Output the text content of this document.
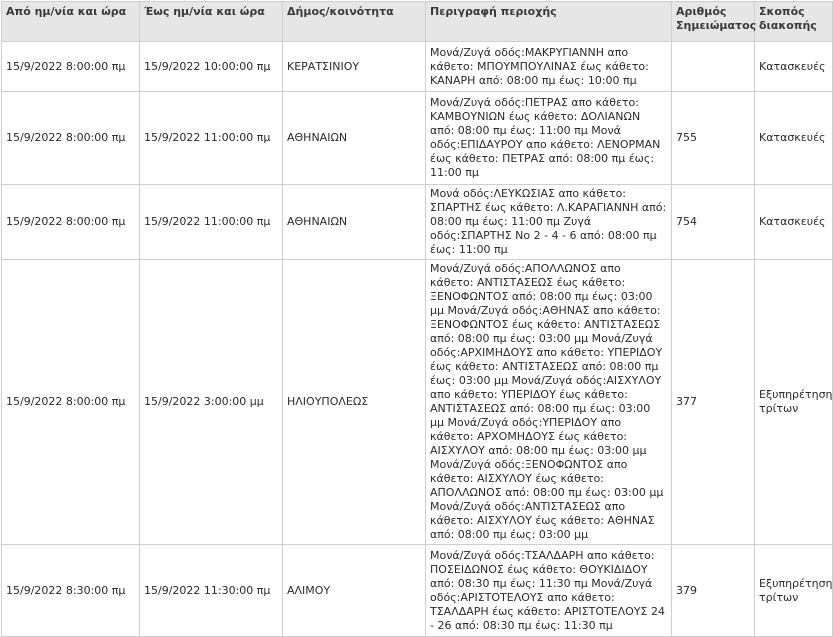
Από ημ/νία και ώρα	Έως ημ/νία και ώρα	Δήμος/κοινότητα	Περιγραφή περιοχής	Αριθμός Σημειώματος	Σκοπός διακοπής
15/9/2022 8:00:00 πμ	15/9/2022 10:00:00 πμ	ΚΕΡΑΤΣΙΝΙΟΥ	Μονά/Ζυγά οδός:ΜΑΚΡΥΓΙΑΝΝΗ απο κάθετο: ΜΠΟΥΜΠΟΥΛΙΝΑΣ έως κάθετο: ΚΑΝΑΡΗ από: 08:00 πμ έως: 10:00 πμ		Κατασκευές
15/9/2022 8:00:00 πμ	15/9/2022 11:00:00 πμ	ΑΘΗΝΑΙΩΝ	Μονά/Ζυγά οδός:ΠΕΤΡΑΣ απο κάθετο: ΚΑΜΒΟΥΝΙΩΝ έως κάθετο: ΔΟΛΙΑΝΩΝ από: 08:00 πμ έως: 11:00 πμ Μονά οδός:ΕΠΙΔΑΥΡΟΥ απο κάθετο: ΛΕΝΟΡΜΑΝ έως κάθετο: ΠΕΤΡΑΣ από: 08:00 πμ έως: 11:00 πμ	755	Κατασκευές
15/9/2022 8:00:00 πμ	15/9/2022 11:00:00 πμ	ΑΘΗΝΑΙΩΝ	Μονά οδός:ΛΕΥΚΩΣΙΑΣ απο κάθετο: ΣΠΑΡΤΗΣ έως κάθετο: Λ.ΚΑΡΑΓΙΑΝΝΗ από: 08:00 πμ έως: 11:00 πμ Ζυγά οδός:ΣΠΑΡΤΗΣ Νο 2 - 4 - 6 από: 08:00 πμ έως: 11:00 πμ	754	Κατασκευές
15/9/2022 8:00:00 πμ	15/9/2022 3:00:00 μμ	ΗΛΙΟΥΠΟΛΕΩΣ	Μονά/Ζυγά οδός:ΑΠΟΛΛΩΝΟΣ απο κάθετο: ΑΝΤΙΣΤΑΣΕΩΣ έως κάθετο: ΞΕΝΟΦΩΝΤΟΣ από: 08:00 πμ έως: 03:00 μμ Μονά/Ζυγά οδός:ΑΘΗΝΑΣ απο κάθετο: ΞΕΝΟΦΩΝΤΟΣ έως κάθετο: ΑΝΤΙΣΤΑΣΕΩΣ από: 08:00 πμ έως: 03:00 μμ Μονά/Ζυγά οδός:ΑΡΧΙΜΗΔΟΥΣ απο κάθετο: ΥΠΕΡΙΔΟΥ έως κάθετο: ΑΝΤΙΣΤΑΣΕΩΣ από: 08:00 πμ έως: 03:00 μμ Μονά/Ζυγά οδός:ΑΙΣΧΥΛΟΥ απο κάθετο: ΥΠΕΡΙΔΟΥ έως κάθετο: ΑΝΤΙΣΤΑΣΕΩΣ από: 08:00 πμ έως: 03:00 μμ Μονά/Ζυγά οδός:ΥΠΕΡΙΔΟΥ απο κάθετο: ΑΡΧΟΜΗΔΟΥΣ έως κάθετο: ΑΙΣΧΥΛΟΥ από: 08:00 πμ έως: 03:00 μμ Μονά/Ζυγά οδός:ΞΕΝΟΦΩΝΤΟΣ απο κάθετο: ΑΙΣΧΥΛΟΥ έως κάθετο: ΑΠΟΛΛΩΝΟΣ από: 08:00 πμ έως: 03:00 μμ Μονά/Ζυγά οδός:ΑΝΤΙΣΤΑΣΕΩΣ απο κάθετο: ΑΙΣΧΥΛΟΥ έως κάθετο: ΑΘΗΝΑΣ από: 08:00 πμ έως: 03:00 μμ	377	Εξυπηρέτηση τρίτων
15/9/2022 8:30:00 πμ	15/9/2022 11:30:00 πμ	ΑΛΙΜΟΥ	Μονά/Ζυγά οδός:ΤΣΑΛΔΑΡΗ απο κάθετο: ΠΟΣΕΙΔΩΝΟΣ έως κάθετο: ΘΟΥΚΙΔΙΔΟΥ από: 08:30 πμ έως: 11:30 πμ Μονά/Ζυγά οδός:ΑΡΙΣΤΟΤΕΛΟΥΣ απο κάθετο: ΤΣΑΛΔΑΡΗ έως κάθετο: ΑΡΙΣΤΟΤΕΛΟΥΣ 24 - 26 από: 08:30 πμ έως: 11:30 πμ	379	Εξυπηρέτηση τρίτων
